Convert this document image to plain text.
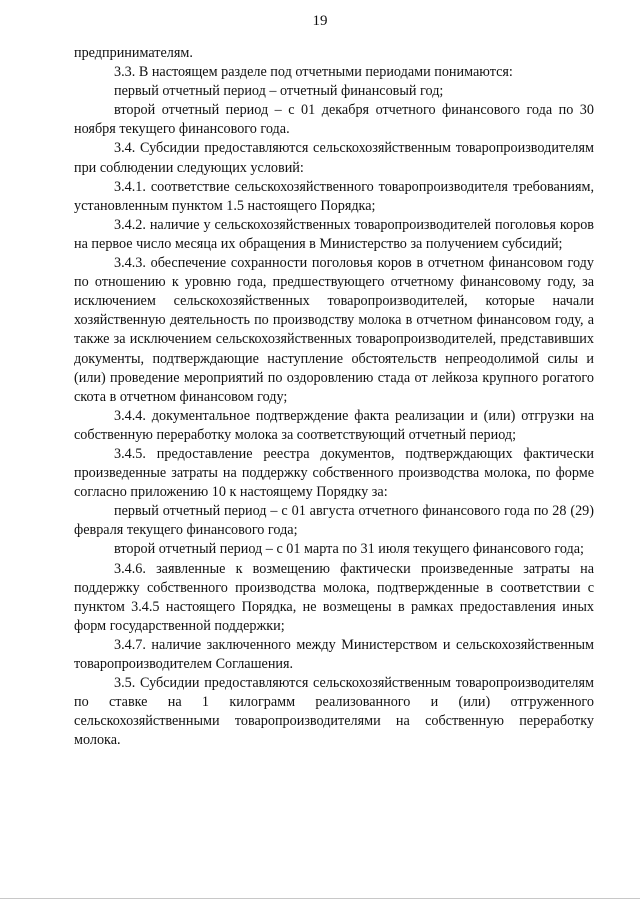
19

предпринимателям.

3.3. В настоящем разделе под отчетными периодами понимаются:

первый отчетный период – отчетный финансовый год;

второй отчетный период – с 01 декабря отчетного финансового года по 30 ноября текущего финансового года.

3.4. Субсидии предоставляются сельскохозяйственным товаропроизводителям при соблюдении следующих условий:

3.4.1. соответствие сельскохозяйственного товаропроизводителя требованиям, установленным пунктом 1.5 настоящего Порядка;

3.4.2. наличие у сельскохозяйственных товаропроизводителей поголовья коров на первое число месяца их обращения в Министерство за получением субсидий;

3.4.3. обеспечение сохранности поголовья коров в отчетном финансовом году по отношению к уровню года, предшествующего отчетному финансовому году, за исключением сельскохозяйственных товаропроизводителей, которые начали хозяйственную деятельность по производству молока в отчетном финансовом году, а также за исключением сельскохозяйственных товаропроизводителей, представивших документы, подтверждающие наступление обстоятельств непреодолимой силы и (или) проведение мероприятий по оздоровлению стада от лейкоза крупного рогатого скота в отчетном финансовом году;

3.4.4. документальное подтверждение факта реализации и (или) отгрузки на собственную переработку молока за соответствующий отчетный период;

3.4.5. предоставление реестра документов, подтверждающих фактически произведенные затраты на поддержку собственного производства молока, по форме согласно приложению 10 к настоящему Порядку за:

первый отчетный период – с 01 августа отчетного финансового года по 28 (29) февраля текущего финансового года;

второй отчетный период – с 01 марта по 31 июля текущего финансового года;

3.4.6. заявленные к возмещению фактически произведенные затраты на поддержку собственного производства молока, подтвержденные в соответствии с пунктом 3.4.5 настоящего Порядка, не возмещены в рамках предоставления иных форм государственной поддержки;

3.4.7. наличие заключенного между Министерством и сельскохозяйственным товаропроизводителем Соглашения.

3.5. Субсидии предоставляются сельскохозяйственным товаропроизводителям по ставке на 1 килограмм реализованного и (или) отгруженного сельскохозяйственными товаропроизводителями на собственную переработку молока.
